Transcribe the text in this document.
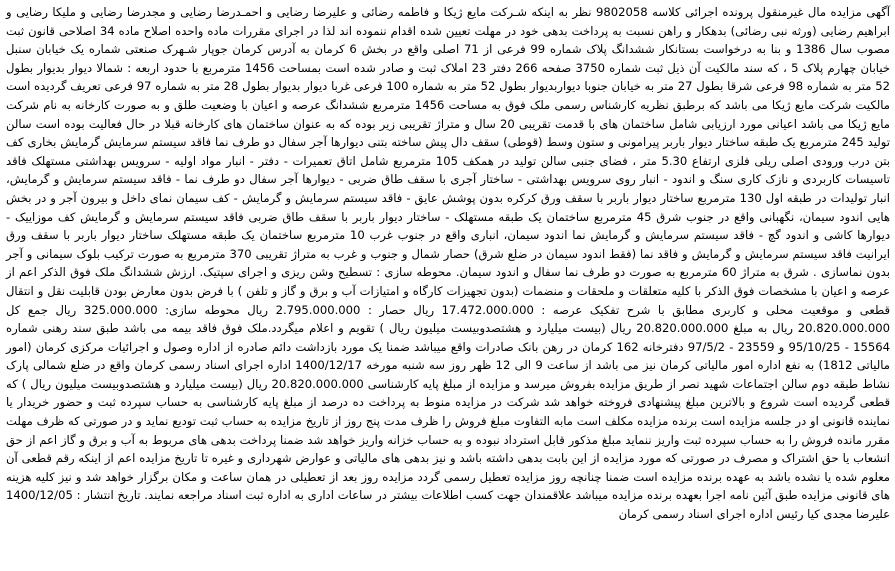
آگهی مزایده مال غیرمنقول پرونده اجرائی کلاسه 9802058 نظر به اینکه شـرکت مایع ژیکا و فاطمه رضائی و علیرضا رضایی و احمـدرضا رضایی و مجدرضا رضایی و ملیکا رضایی و ابراهیم رضایی (ورثه نبی رضائی) بدهکار و راهن نسبت به پرداخت بدهی خود در مهلت تعیین شده اقدام ننموده اند لذا در اجرای مقررات ماده واحده اصلاح ماده 34 اصلاحی قانون ثبت مصوب سال 1386 و بنا به درخواست بستانکار ششدانگ پلاک شماره 99 فرعی از 71 اصلی واقع در بخش 6 کرمان به آدرس کرمان جوپار شـهرک صنعتی شماره یک خیابان سنبل خیابان چهارم پلاک 5 ، که سند مالکیت آن ذیل ثبت شماره 3750 صفحه 266 دفتر 23 املاک ثبت و صادر شده است بمساحت 1456 مترمربع با حدود اربعه : شمالا دیوار بدیوار بطول 52 متر به شماره 98 فرعی شرقا بطول 27 متر به خیابان جنوبا دیواربدیوار بطول 52 متر به شماره 100 فرعی غربا دیوار بدیوار بطول 28 متر به شماره 97 فرعی تعریف گردیده است مالکیت شرکت مایع ژیکا می باشد که برطبق نظریه کارشناس رسمی ملک فوق به مساحت 1456 مترمربع ششدانگ عرصه و اعیان با وضعیت طلق و به صورت کارخانه به نام شرکت مایع ژیکا می باشد اعیانی مورد ارزیابی شامل ساختمان های با قدمت تقریبی 20 سال و متراژ تقریبی زیر بوده که به عنوان ساختمان های کارخانه قبلا در حال فعالیت بوده است سالن تولید 245 مترمربع یک طبقه ساختار دیوار باربر پیرامونی و ستون وسط (قوطی) سقف دال پیش ساخته بتنی دیوارها آجر سفال دو طرف نما فاقد سیستم سرمایش گرمایش بخاری کف بتن درب ورودی اصلی ریلی فلزی ارتفاع 5.30 متر ، فضای جنبی سالن تولید در همکف 105 مترمربع شامل اتاق تعمیرات - دفتر - انبار مواد اولیه - سرویس بهداشتی مستهلک فاقد تاسیسات کاربردی و نازک کاری سنگ و اندود - انبار روی سرویس بهداشتی - ساختار آجری با سقف طاق ضربی - دیوارها آجر سفال دو طرف نما - فاقد سیستم سرمایش و گرمایش، انبار تولیدات در طبقه اول 130 مترمربع ساختار دیوار باربر با سقف ورق کرکره بدون پوشش عایق - فاقد سیستم سرمایش و گرمایش - کف سیمان نمای داخل و بیرون آجر و در بخش هایی اندود سیمان، نگهبانی واقع در جنوب شرق 45 مترمربع ساختمان یک طبقه مستهلک - ساختار دیوار باربر با سقف طاق ضربی فاقد سیستم سرمایش و گرمایش کف موزاییک - دیوارها کاشی و اندود گچ - فاقد سیستم سرمایش و گرمایش نما اندود سیمان، انباری واقع در جنوب غرب 10 مترمربع ساختمان یک طبقه مستهلک ساختار دیوار باربر با سقف ورق ایرانیت فاقد سیستم سرمایش و گرمایش و فاقد نما (فقط اندود سیمان در ضلع شرق) حصار شمال و جنوب و غرب به متراژ تقریبی 370 مترمربع به صورت ترکیب بلوک سیمانی و آجر بدون نماسازی . شرق به متراژ 60 مترمربع به صورت دو طرف نما سفال و اندود سیمان. محوطه سازی : تسطیح وشن ریزی و اجرای سپتیک. ارزش ششدانگ ملک فوق الذکر اعم از عرصه و اعیان با مشخصات فوق الذکر با کلیه متعلقات و ملحقات و منضمات (بدون تجهیزات کارگاه و امتیازات آب و برق و گاز و تلفن ) با فرض بدون معارض بودن قابلیت نقل و انتقال قطعی و موقعیت محلی و کاربری مطابق با شرح تفکیک عرصه : 17.472.000.000 ریال حصار : 2.795.000.000 ریال محوطه سازی: 325.000.000 ریال جمع کل 20.820.000.000 ریال به مبلغ 20.820.000.000 ریال (بیست میلیارد و هشتصدوبیست میلیون ریال ) تقویم و اعلام میگردد.ملک فوق فاقد بیمه می باشد طبق سند رهنی شماره 15564 - 95/10/25 و 23559 - 97/5/2 دفترخانه 162 کرمان در رهن بانک صادرات واقع میباشد ضمنا یک مورد بازداشت دائم صادره از اداره وصول و اجرائیات مرکزی کرمان (امور مالیاتی 1812) به نفع اداره امور مالیاتی کرمان نیز می باشد از ساعت 9 الی 12 ظهر روز سه شنبه مورخه 1400/12/17 اداره اجرای اسناد رسمی کرمان واقع در ضلع شمالی پارک نشاط طبقه دوم سالن اجتماعات شهید نصر از طریق مزایده بفروش میرسد و مزایده از مبلغ پایه کارشناسی 20.820.000.000 ریال (بیست میلیارد و هشتصدوبیست میلیون ریال ) که قطعی گردیده است شروع و بالاترین مبلغ پیشنهادی فروخته خواهد شد شرکت در مزایده منوط به پرداخت ده درصد از مبلغ پایه کارشناسی به حساب سپرده ثبت و حضور خریدار یا نماینده قانونی او در جلسه مزایده است برنده مزایده مکلف است مابه التفاوت مبلغ فروش را ظرف مدت پنج روز از تاریخ مزایده به حساب ثبت تودیع نماید و در صورتی که ظرف مهلت مقرر مانده فروش را به حساب سپرده ثبت واریز ننماید مبلغ مذکور قابل استرداد نبوده و به حساب خزانه واریز خواهد شد ضمنا پرداخت بدهی های مربوط به آب و برق و گاز اعم از حق انشعاب یا حق اشتراک و مصرف در صورتی که مورد مزایده از این بابت بدهی داشته باشد و نیز بدهی های مالیاتی و عوارض شهرداری و غیره تا تاریخ مزایده اعم از اینکه رقم قطعی آن معلوم شده یا نشده باشد به عهده برنده مزایده است ضمنا چنانچه روز مزایده تعطیل رسمی گردد مزایده روز بعد از تعطیلی در همان ساعت و مکان برگزار خواهد شد و نیز کلیه هزینه های قانونی مزایده طبق آئین نامه اجرا بعهده برنده مزایده میباشد علاقمندان جهت کسب اطلاعات بیشتر در ساعات اداری به اداره ثبت اسناد مراجعه نمایند. تاریخ انتشار : 1400/12/05 علیرضا مجدی کیا رئیس اداره اجرای اسناد رسمی کرمان
